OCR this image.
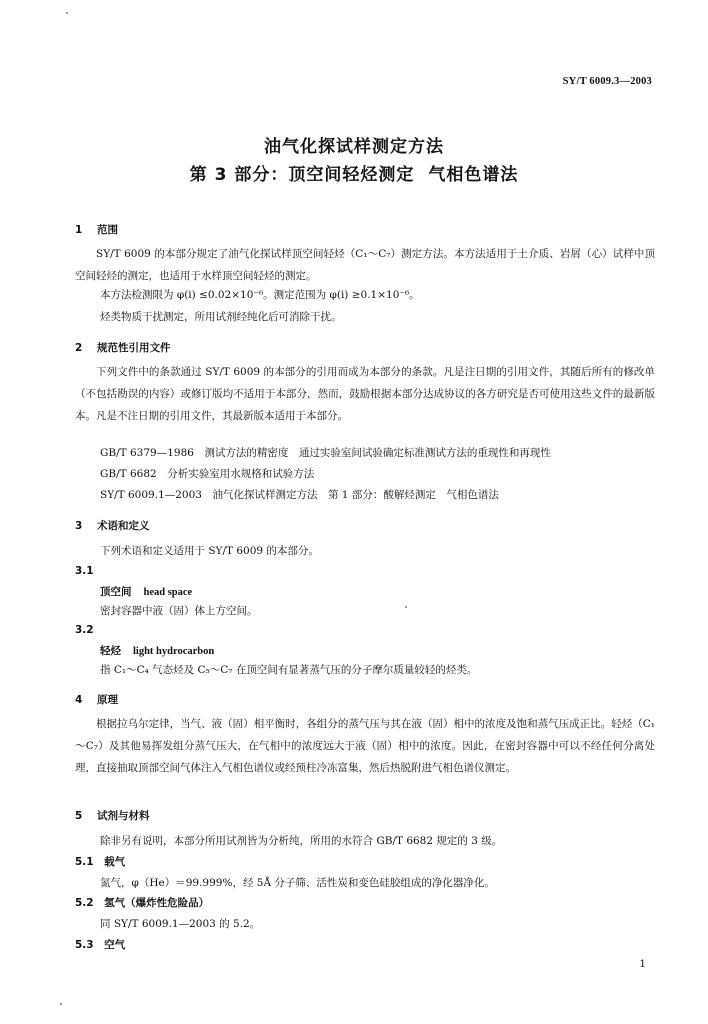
SY/T 6009.3—2003
油气化探试样测定方法
第 3 部分：顶空间轻烃测定 气相色谱法
1 范围
SY/T 6009 的本部分规定了油气化探试样顶空间轻烃（C₁～C₇）测定方法。本方法适用于土介质、岩屑（心）试样中顶空间轻烃的测定，也适用于水样顶空间轻烃的测定。
本方法检测限为 φ(i) ≤0.02×10⁻⁶。测定范围为 φ(i) ≥0.1×10⁻⁶。
烃类物质干扰测定，所用试剂经纯化后可消除干扰。
2 规范性引用文件
下列文件中的条款通过 SY/T 6009 的本部分的引用而成为本部分的条款。凡是注日期的引用文件，其随后所有的修改单（不包括勘误的内容）或修订版均不适用于本部分，然而，鼓励根据本部分达成协议的各方研究是否可使用这些文件的最新版本。凡是不注日期的引用文件，其最新版本适用于本部分。
GB/T 6379—1986　 测试方法的精密度　通过实验室间试验确定标准测试方法的重现性和再现性
GB/T 6682　 分析实验室用水规格和试验方法
SY/T 6009.1—2003　 油气化探试样测定方法　第 1 部分：酸解烃测定　气相色谱法
3 术语和定义
下列术语和定义适用于 SY/T 6009 的本部分。
3.1
顶空间 head space
密封容器中液（固）体上方空间。
3.2
轻烃 light hydrocarbon
指 C₁～C₄ 气态烃及 C₅～C₇ 在顶空间有显著蒸气压的分子摩尔质量较轻的烃类。
4 原理
根据拉乌尔定律，当气、液（固）相平衡时，各组分的蒸气压与其在液（固）相中的浓度及饱和蒸气压成正比。轻烃（C₁～C₇）及其他易挥发组分蒸气压大，在气相中的浓度远大于液（固）相中的浓度。因此，在密封容器中可以不经任何分离处理，直接抽取顶部空间气体注入气相色谱仪或经预柱冷冻富集，然后热脱附进气相色谱仪测定。
5 试剂与材料
除非另有说明，本部分所用试剂皆为分析纯，所用的水符合 GB/T 6682 规定的 3 级。
5.1　 载气
氮气，φ（He）＝99.999%，经 5Å 分子筛、活性炭和变色硅胶组成的净化器净化。
5.2　 氢气（爆炸性危险品）
同 SY/T 6009.1—2003 的 5.2。
5.3　 空气
1
